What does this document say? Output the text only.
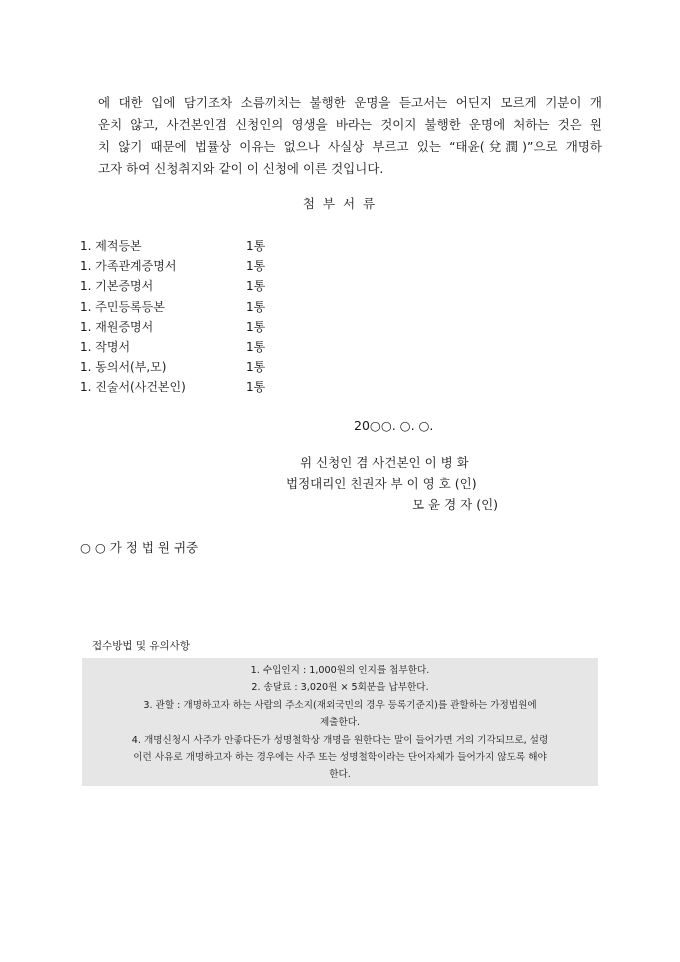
에 대한 입에 담기조차 소름끼치는 불행한 운명을 듣고서는 어딘지 모르게 기분이 개
운치 않고, 사건본인겸 신청인의 영생을 바라는 것이지 불행한 운명에 처하는 것은 원
치 않기 때문에 법률상 이유는 없으나 사실상 부르고 있는 “태윤(兌潤)”으로 개명하
고자 하여 신청취지와 같이 이 신청에 이른 것입니다.
첨 부 서 류
1. 제적등본	1통
1. 가족관계증명서	1통
1. 기본증명서	1통
1. 주민등록등본	1통
1. 재원증명서	1통
1. 작명서	1통
1. 동의서(부,모)	1통
1. 진술서(사건본인)	1통
20○○. ○. ○.
위 신청인 겸 사건본인 이 병 화
법정대리인 친권자 부 이 영 호 (인)
모 윤 경 자 (인)
○ ○ 가 정 법 원 귀중
접수방법 및 유의사항
1. 수입인지 : 1,000원의 인지를 첩부한다.
2. 송달료 : 3,020원 × 5회분을 납부한다.
3. 관할 : 개명하고자 하는 사람의 주소지(재외국민의 경우 등록기준지)를 관할하는 가정법원에
제출한다.
4. 개명신청시 사주가 안좋다든가 성명철학상 개명을 원한다는 말이 들어가면 거의 기각되므로, 설령
이런 사유로 개명하고자 하는 경우에는 사주 또는 성명철학이라는 단어자체가 들어가지 않도록 해야
한다.
